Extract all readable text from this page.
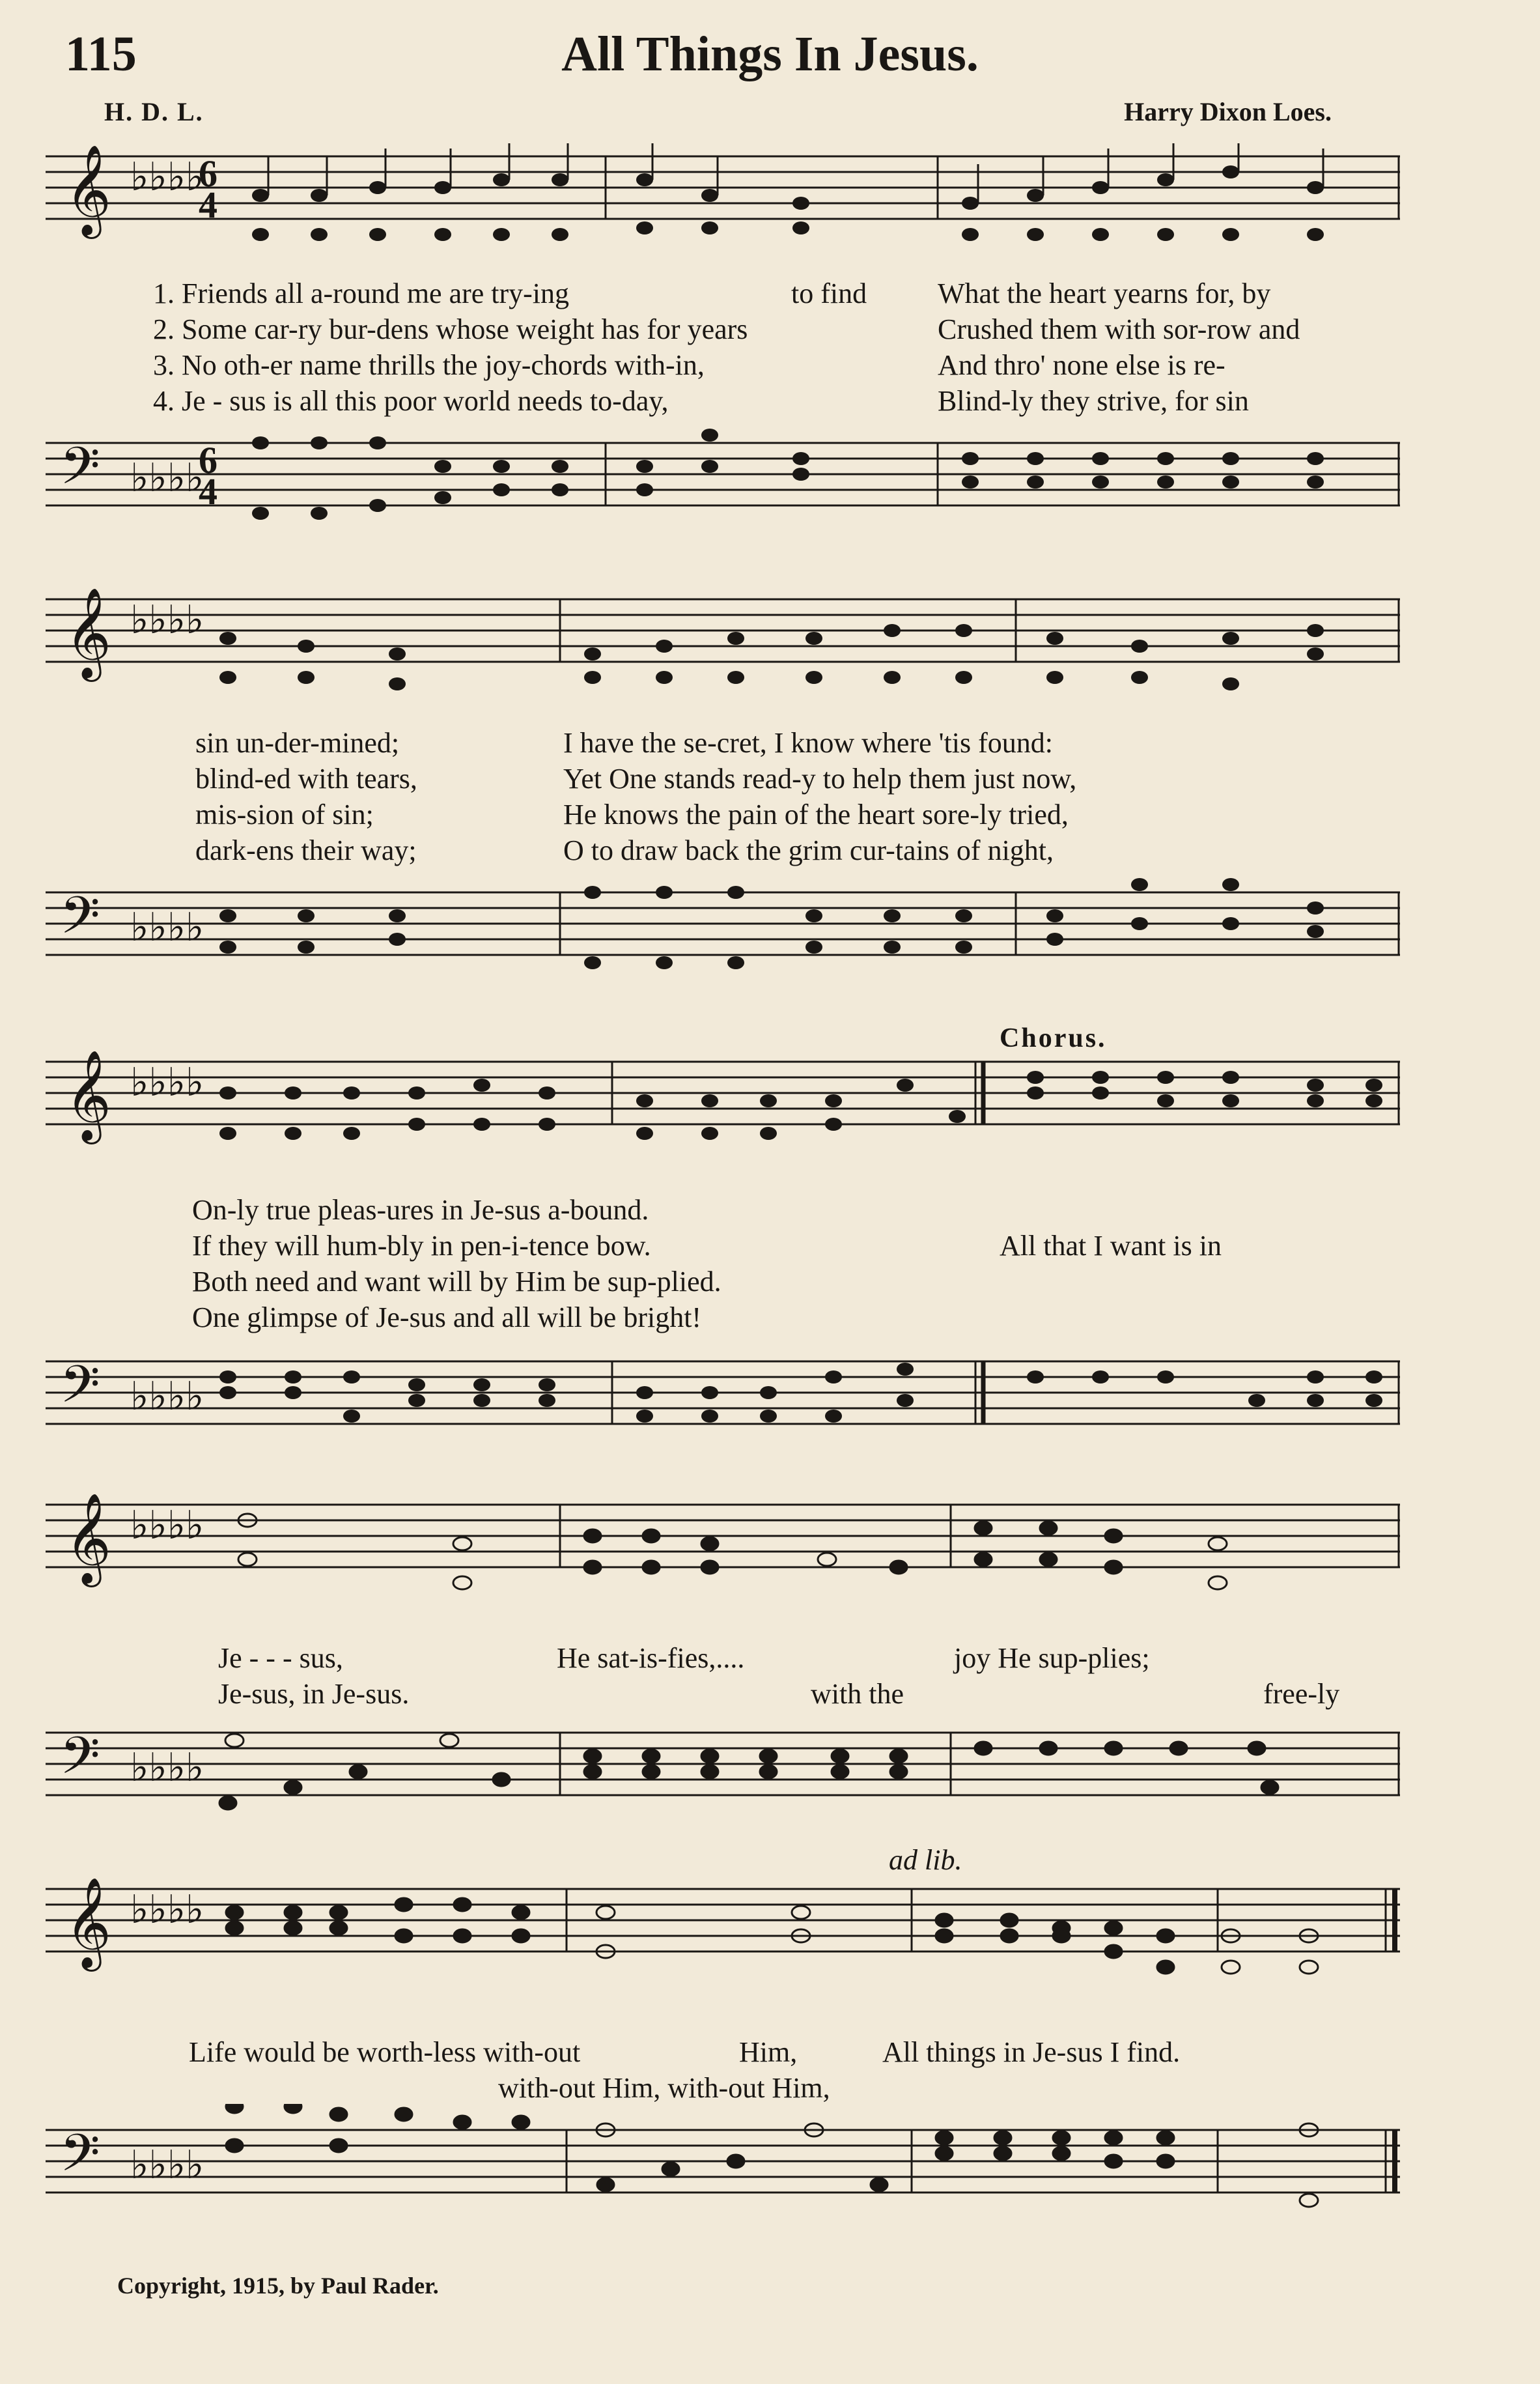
115	All Things In Jesus.
H. D. L.	Harry Dixon Loes.
𝄞 ♭♭♭♭
6
4

1. Friends all a-round me are try-ing

	to find

What the heart yearns for, by

2. Some car-ry bur-dens whose weight has for years

	Crushed them with sor-row and

3. No oth-er name thrills the joy-chords with-in,

	And thro' none else is re-

4. Je - sus is all this poor world needs to-day,

	Blind-ly they strive, for sin

𝄢 ♭♭♭♭
6
4
𝄞 ♭♭♭♭

sin un-der-mined;

	I have the se-cret, I know where 'tis found:

blind-ed with tears,

	Yet One stands read-y to help them just now,

mis-sion of sin;

	He knows the pain of the heart sore-ly tried,

dark-ens their way;

	O to draw back the grim cur-tains of night,

𝄢 ♭♭♭♭
Chorus.
𝄞 ♭♭♭♭

On-ly true pleas-ures in Je-sus a-bound.

If they will hum-bly in pen-i-tence bow.

	All that I want is in

Both need and want will by Him be sup-plied.

One glimpse of Je-sus and all will be bright!

𝄢 ♭♭♭♭
𝄞 ♭♭♭♭

Je - - - sus,

	He sat-is-fies,....

	joy He sup-plies;

Je-sus, in Je-sus.

	with the

	free-ly

𝄢 ♭♭♭♭
ad lib.
𝄞 ♭♭♭♭

Life would be worth-less with-out

	Him,

	All things in Je-sus I find.

with-out Him, with-out Him,

𝄢 ♭♭♭♭
Copyright, 1915, by Paul Rader.
